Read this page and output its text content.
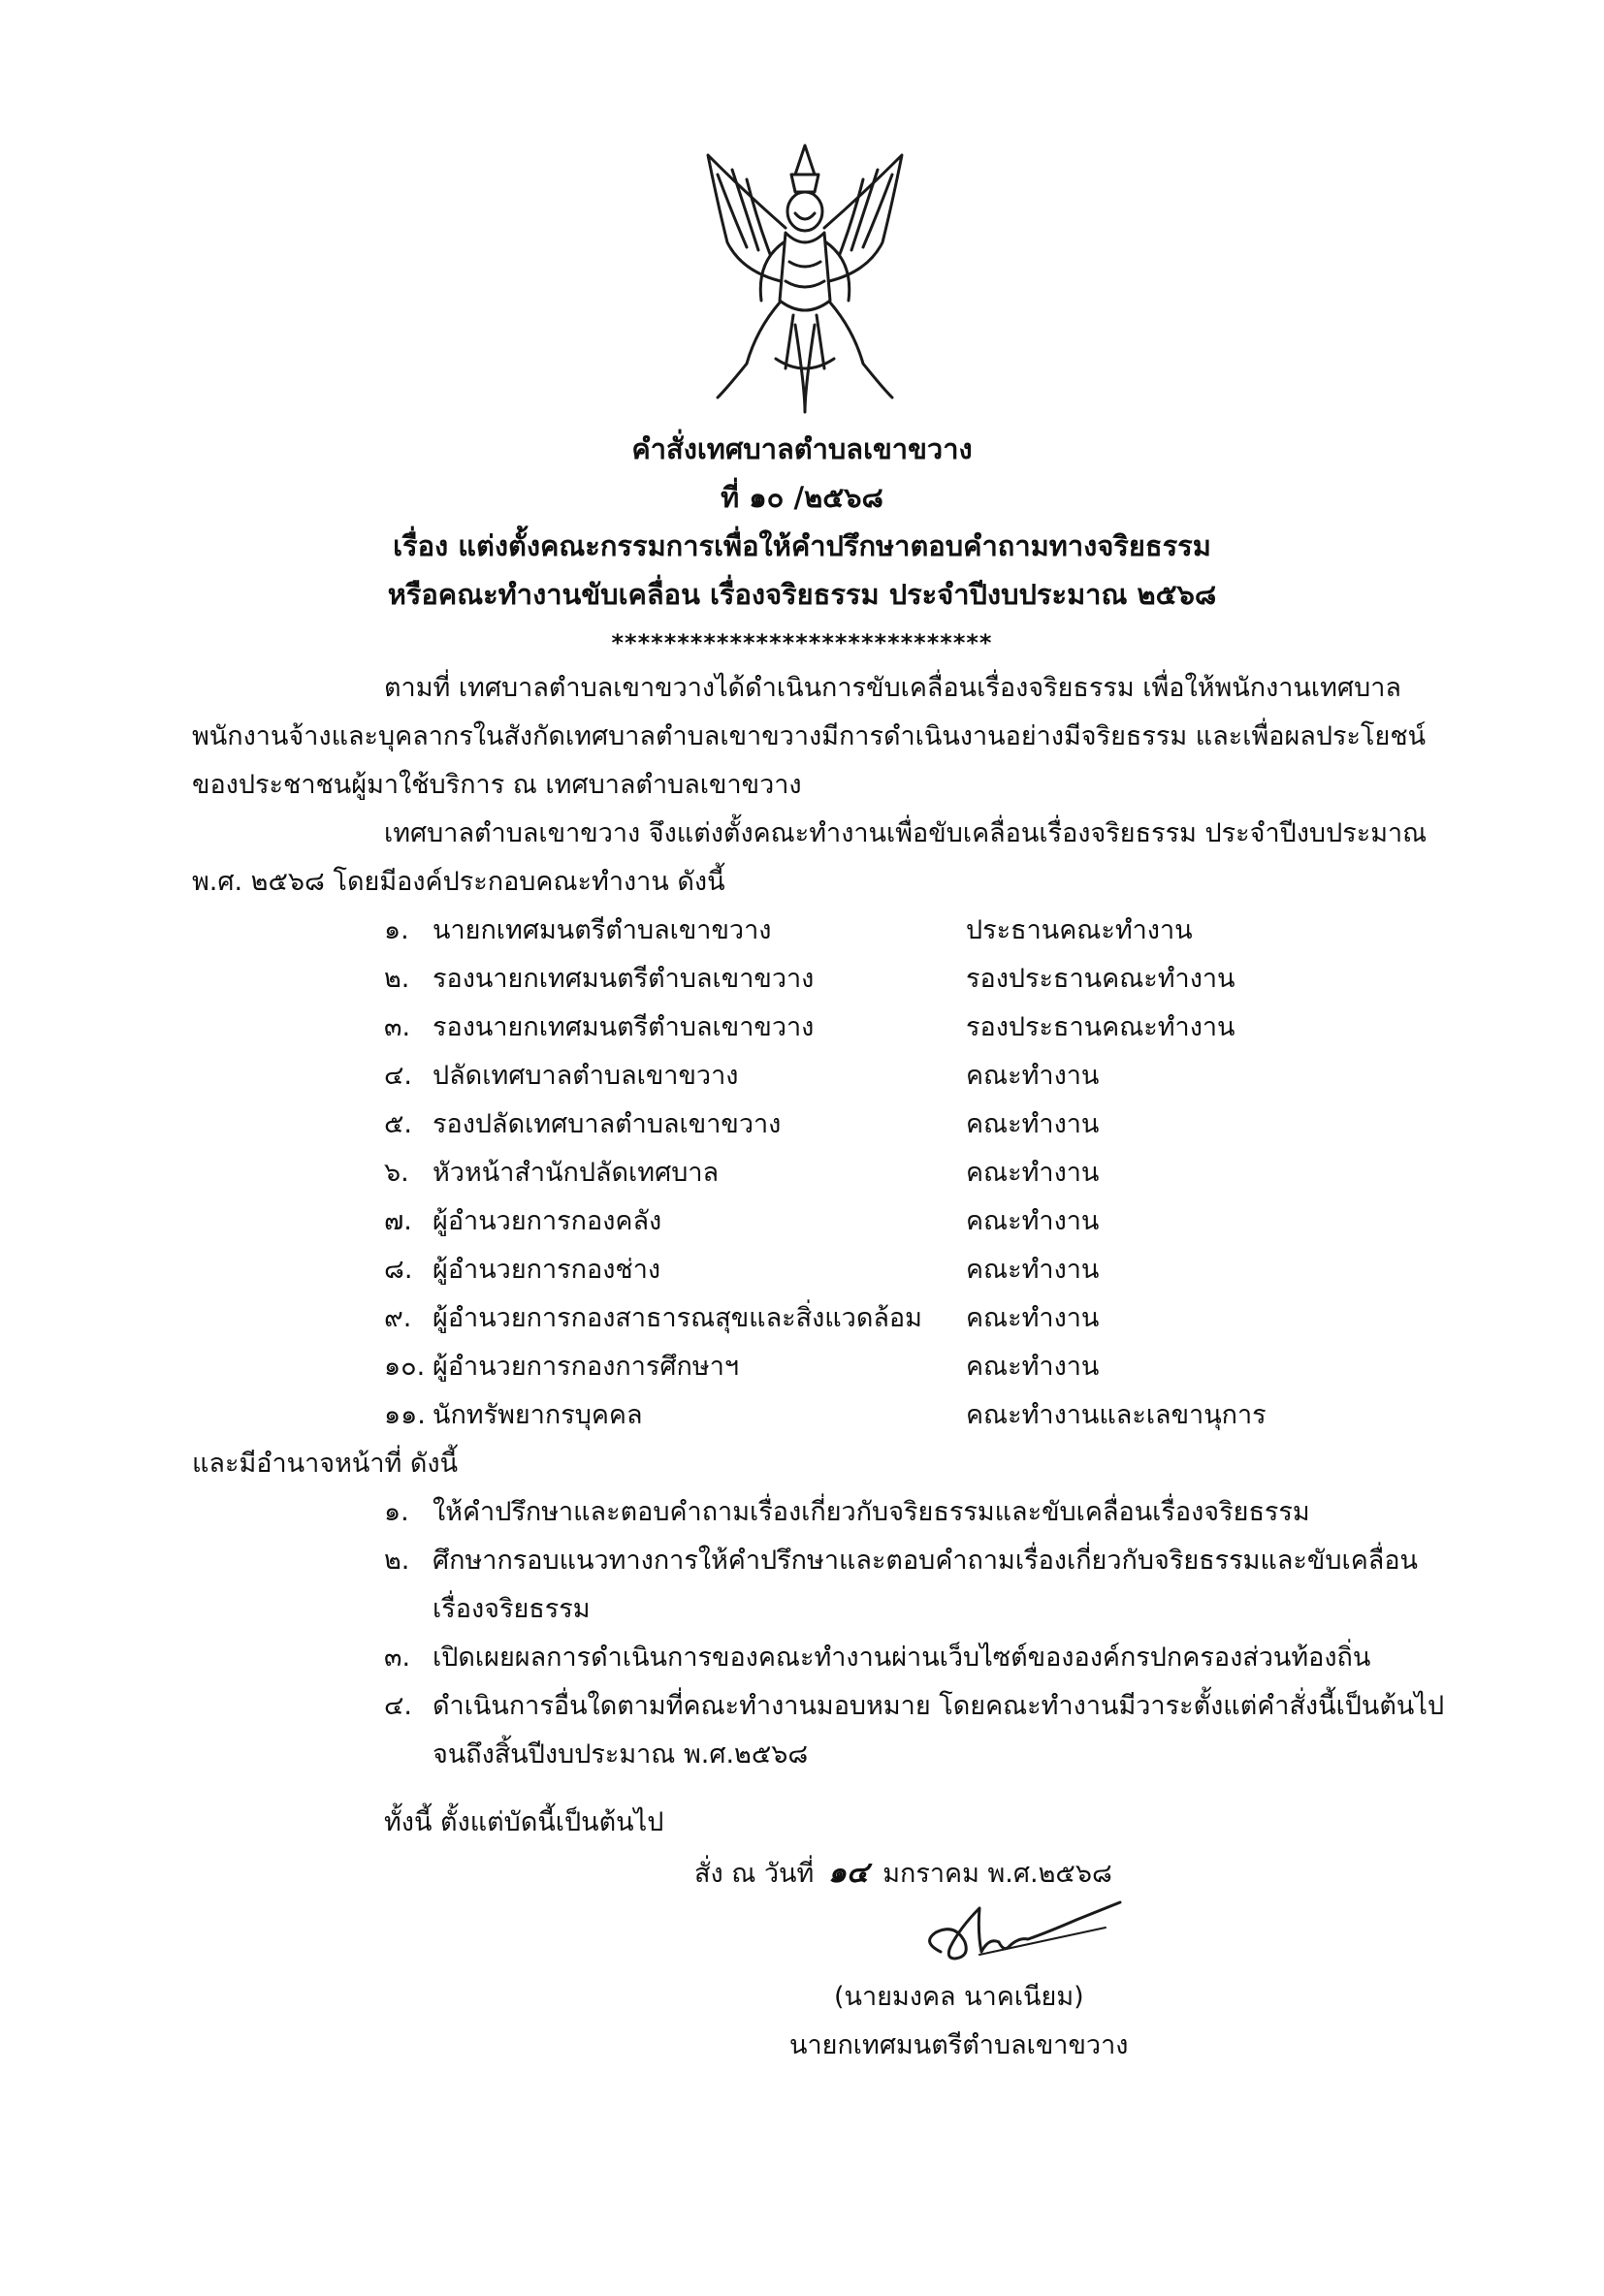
คำสั่งเทศบาลตำบลเขาขวาง
ที่ ๑๐ /๒๕๖๘
เรื่อง แต่งตั้งคณะกรรมการเพื่อให้คำปรึกษาตอบคำถามทางจริยธรรม
หรือคณะทำงานขับเคลื่อน เรื่องจริยธรรม ประจำปีงบประมาณ ๒๕๖๘
*****************************
ตามที่ เทศบาลตำบลเขาขวางได้ดำเนินการขับเคลื่อนเรื่องจริยธรรม เพื่อให้พนักงานเทศบาล
พนักงานจ้างและบุคลากรในสังกัดเทศบาลตำบลเขาขวางมีการดำเนินงานอย่างมีจริยธรรม และเพื่อผลประโยชน์
ของประชาชนผู้มาใช้บริการ ณ เทศบาลตำบลเขาขวาง
เทศบาลตำบลเขาขวาง จึงแต่งตั้งคณะทำงานเพื่อขับเคลื่อนเรื่องจริยธรรม ประจำปีงบประมาณ
พ.ศ. ๒๕๖๘ โดยมีองค์ประกอบคณะทำงาน ดังนี้
๑. นายกเทศมนตรีตำบลเขาขวาง	ประธานคณะทำงาน
๒. รองนายกเทศมนตรีตำบลเขาขวาง	รองประธานคณะทำงาน
๓. รองนายกเทศมนตรีตำบลเขาขวาง	รองประธานคณะทำงาน
๔. ปลัดเทศบาลตำบลเขาขวาง	คณะทำงาน
๕. รองปลัดเทศบาลตำบลเขาขวาง	คณะทำงาน
๖. หัวหน้าสำนักปลัดเทศบาล	คณะทำงาน
๗. ผู้อำนวยการกองคลัง	คณะทำงาน
๘. ผู้อำนวยการกองช่าง	คณะทำงาน
๙. ผู้อำนวยการกองสาธารณสุขและสิ่งแวดล้อม คณะทำงาน
๑๐. ผู้อำนวยการกองการศึกษาฯ	คณะทำงาน
๑๑. นักทรัพยากรบุคคล	คณะทำงานและเลขานุการ
และมีอำนาจหน้าที่ ดังนี้
๑. ให้คำปรึกษาและตอบคำถามเรื่องเกี่ยวกับจริยธรรมและขับเคลื่อนเรื่องจริยธรรม
๒. ศึกษากรอบแนวทางการให้คำปรึกษาและตอบคำถามเรื่องเกี่ยวกับจริยธรรมและขับเคลื่อน
เรื่องจริยธรรม
๓. เปิดเผยผลการดำเนินการของคณะทำงานผ่านเว็บไซต์ขององค์กรปกครองส่วนท้องถิ่น
๔. ดำเนินการอื่นใดตามที่คณะทำงานมอบหมาย โดยคณะทำงานมีวาระตั้งแต่คำสั่งนี้เป็นต้นไป
จนถึงสิ้นปีงบประมาณ พ.ศ.๒๕๖๘
ทั้งนี้ ตั้งแต่บัดนี้เป็นต้นไป
สั่ง ณ วันที่ ๑๔ มกราคม พ.ศ.๒๕๖๘
(นายมงคล นาคเนียม)
นายกเทศมนตรีตำบลเขาขวาง
